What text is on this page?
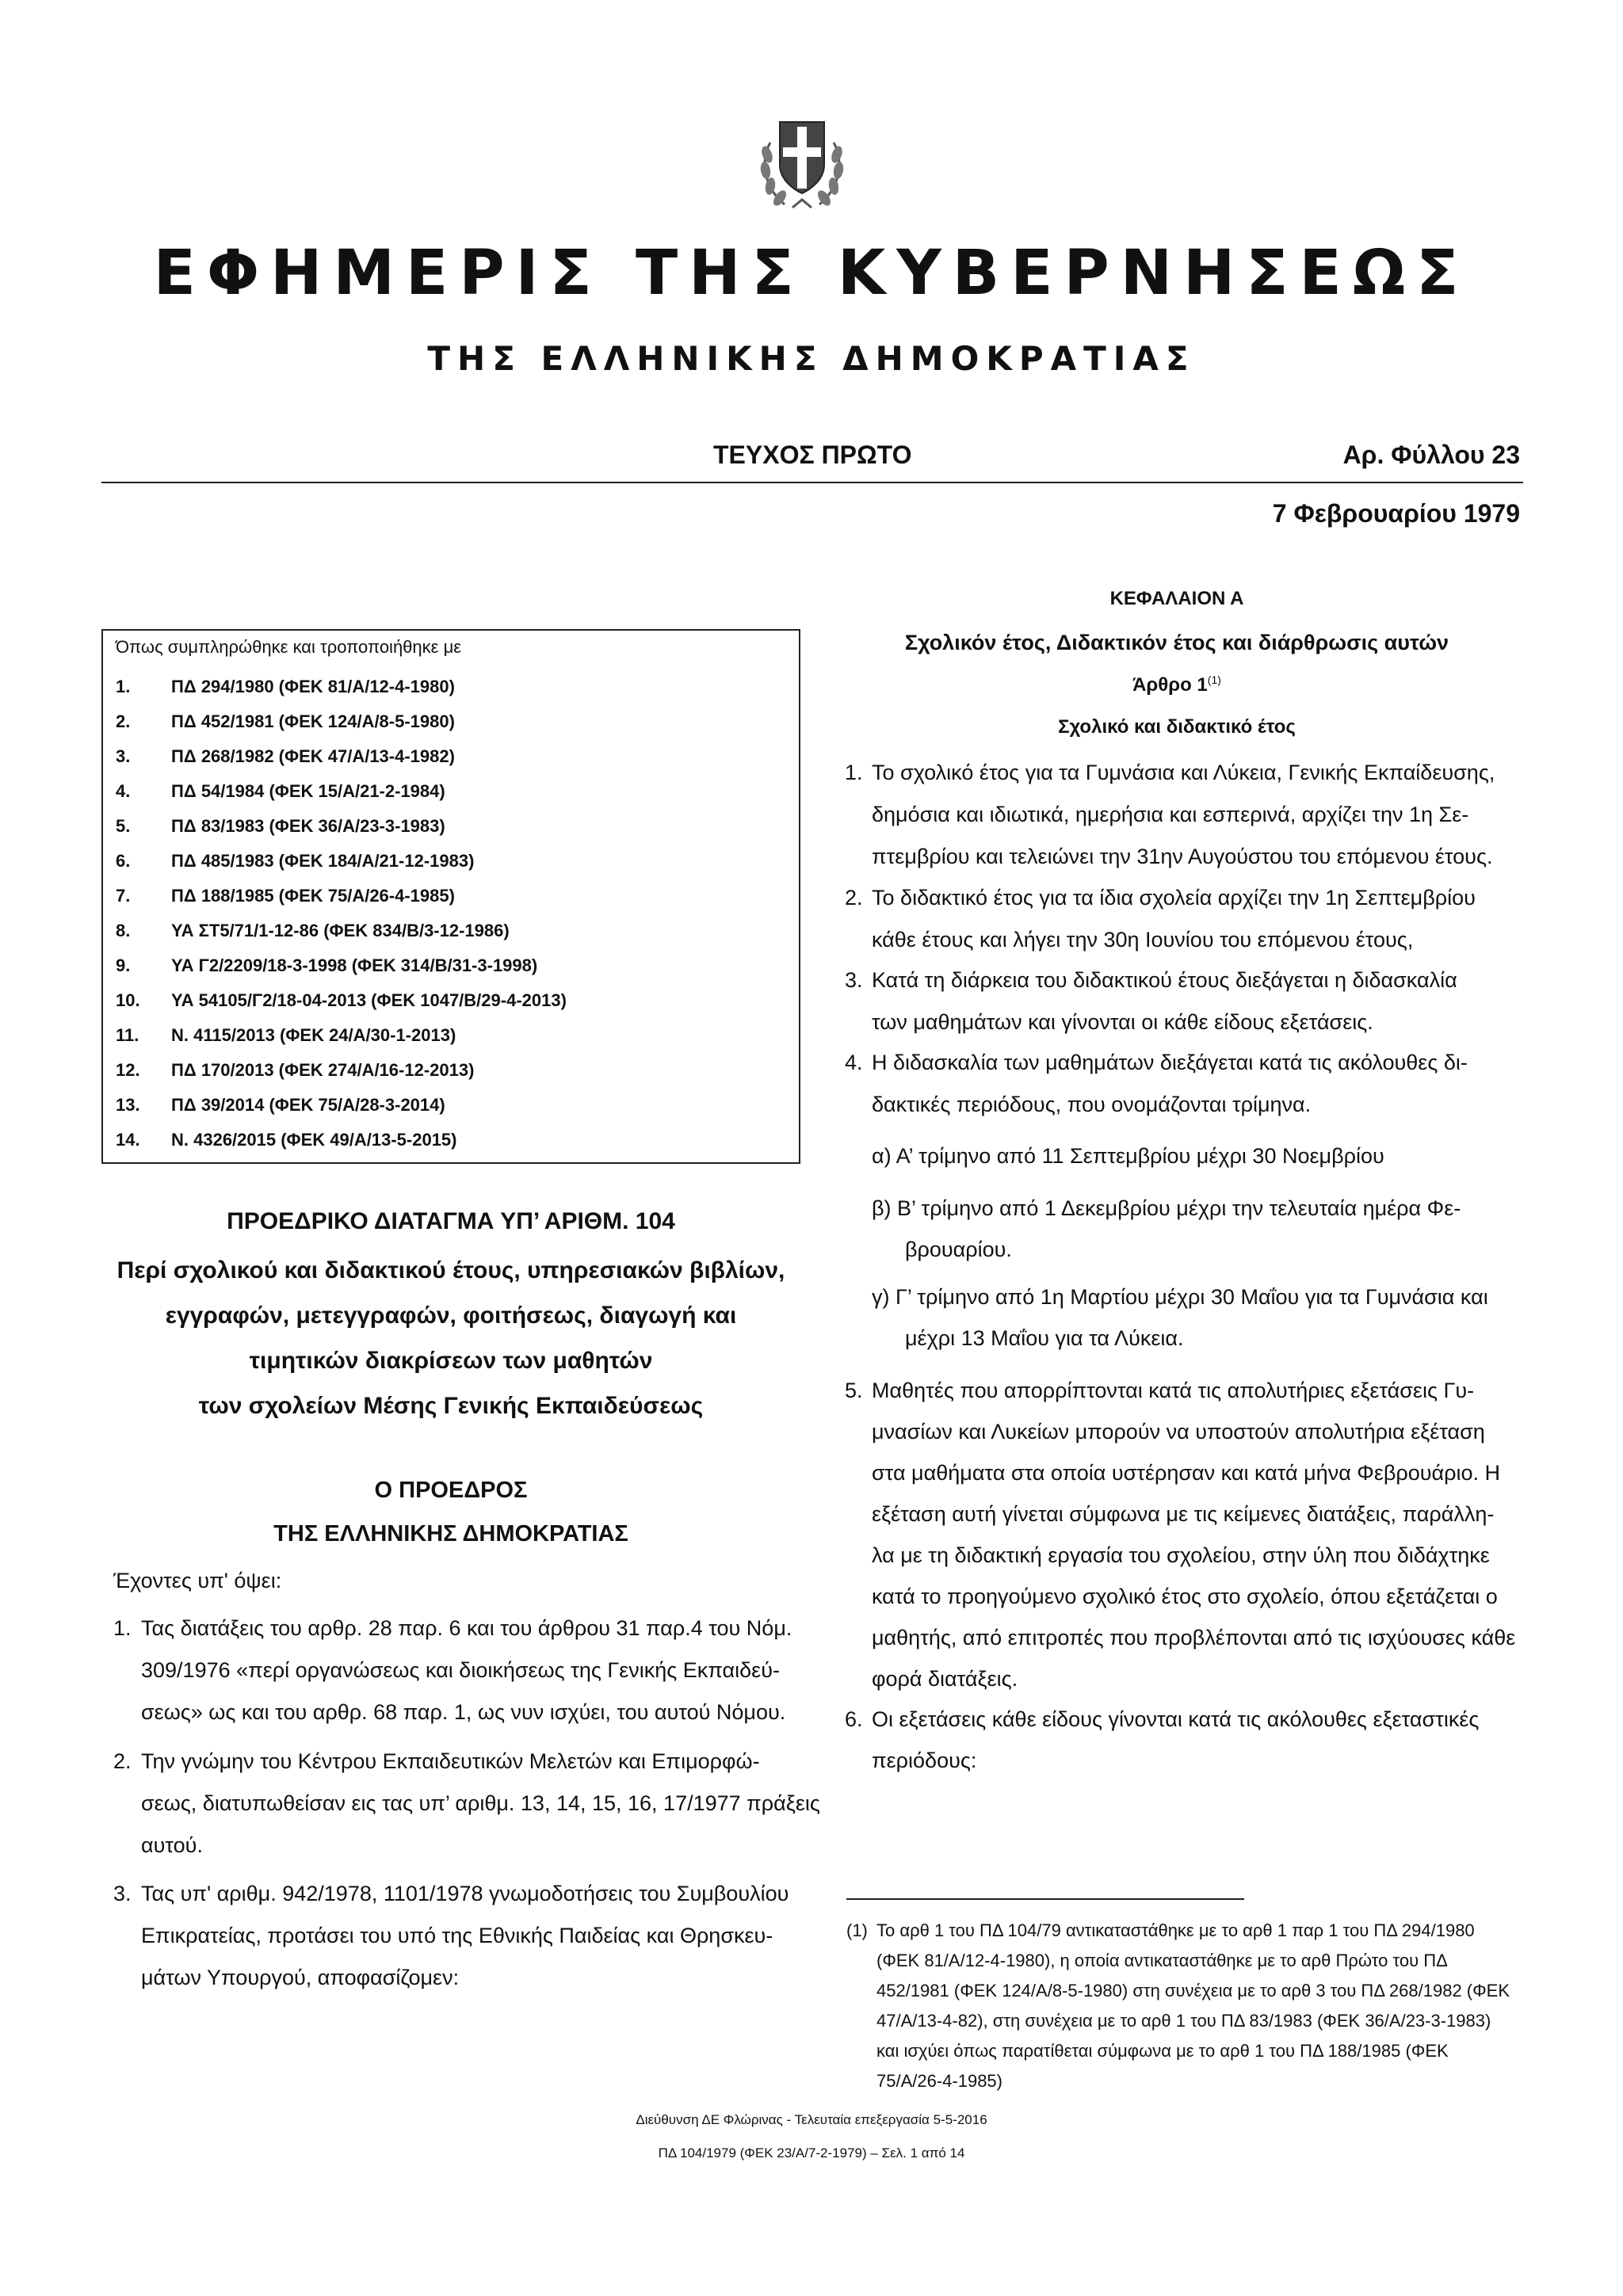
ΕΦΗΜΕΡΙΣ ΤΗΣ ΚΥΒΕΡΝΗΣΕΩΣ
ΤΗΣ ΕΛΛΗΝΙΚΗΣ ΔΗΜΟΚΡΑΤΙΑΣ
ΤΕΥΧΟΣ ΠΡΩΤΟ	Αρ. Φύλλου 23
7 Φεβρουαρίου 1979
Όπως συμπληρώθηκε και τροποποιήθηκε με
1. ΠΔ 294/1980 (ΦΕΚ 81/Α/12-4-1980)
2. ΠΔ 452/1981 (ΦΕΚ 124/Α/8-5-1980)
3. ΠΔ 268/1982 (ΦΕΚ 47/Α/13-4-1982)
4. ΠΔ 54/1984 (ΦΕΚ 15/Α/21-2-1984)
5. ΠΔ 83/1983 (ΦΕΚ 36/Α/23-3-1983)
6. ΠΔ 485/1983 (ΦΕΚ 184/Α/21-12-1983)
7. ΠΔ 188/1985 (ΦΕΚ 75/Α/26-4-1985)
8. ΥΑ ΣΤ5/71/1-12-86 (ΦΕΚ 834/Β/3-12-1986)
9. ΥΑ Γ2/2209/18-3-1998 (ΦΕΚ 314/Β/31-3-1998)
10. ΥΑ 54105/Γ2/18-04-2013 (ΦΕΚ 1047/Β/29-4-2013)
11. Ν. 4115/2013 (ΦΕΚ 24/Α/30-1-2013)
12. ΠΔ 170/2013 (ΦΕΚ 274/Α/16-12-2013)
13. ΠΔ 39/2014 (ΦΕΚ 75/Α/28-3-2014)
14. Ν. 4326/2015 (ΦΕΚ 49/Α/13-5-2015)
ΠΡΟΕΔΡΙΚΟ ΔΙΑΤΑΓΜΑ ΥΠ’ ΑΡΙΘΜ. 104
Περί σχολικού και διδακτικού έτους, υπηρεσιακών βιβλίων,
εγγραφών, μετεγγραφών, φοιτήσεως, διαγωγή και
τιμητικών διακρίσεων των μαθητών
των σχολείων Μέσης Γενικής Εκπαιδεύσεως
Ο ΠΡΟΕΔΡΟΣ
ΤΗΣ ΕΛΛΗΝΙΚΗΣ ΔΗΜΟΚΡΑΤΙΑΣ
Έχοντες υπ' όψει:
1. Τας διατάξεις του αρθρ. 28 παρ. 6 και του άρθρου 31 παρ.4 του Νόμ.
309/1976 «περί οργανώσεως και διοικήσεως της Γενικής Εκπαιδεύ-
σεως» ως και του αρθρ. 68 παρ. 1, ως νυν ισχύει, του αυτού Νόμου.
2. Την γνώμην του Κέντρου Εκπαιδευτικών Μελετών και Επιμορφώ-
σεως, διατυπωθείσαν εις τας υπ’ αριθμ. 13, 14, 15, 16, 17/1977 πράξεις
αυτού.
3. Τας υπ' αριθμ. 942/1978, 1101/1978 γνωμοδοτήσεις του Συμβουλίου
Επικρατείας, προτάσει του υπό της Εθνικής Παιδείας και Θρησκευ-
μάτων Υπουργού, αποφασίζομεν:
ΚΕΦΑΛΑΙΟΝ Α
Σχολικόν έτος, Διδακτικόν έτος και διάρθρωσις αυτών
Άρθρο 1$^{(1)}$
Σχολικό και διδακτικό έτος
1. Το σχολικό έτος για τα Γυμνάσια και Λύκεια, Γενικής Εκπαίδευσης,
δημόσια και ιδιωτικά, ημερήσια και εσπερινά, αρχίζει την 1η Σε-
πτεμβρίου και τελειώνει την 31ην Αυγούστου του επόμενου έτους.
2. Το διδακτικό έτος για τα ίδια σχολεία αρχίζει την 1η Σεπτεμβρίου
κάθε έτους και λήγει την 30η Ιουνίου του επόμενου έτους,
3. Κατά τη διάρκεια του διδακτικού έτους διεξάγεται η διδασκαλία
των μαθημάτων και γίνονται οι κάθε είδους εξετάσεις.
4. Η διδασκαλία των μαθημάτων διεξάγεται κατά τις ακόλουθες δι-
δακτικές περιόδους, που ονομάζονται τρίμηνα.
α) Α’ τρίμηνο από 11 Σεπτεμβρίου μέχρι 30 Νοεμβρίου
β) Β’ τρίμηνο από 1 Δεκεμβρίου μέχρι την τελευταία ημέρα Φε-
βρουαρίου.
γ) Γ’ τρίμηνο από 1η Μαρτίου μέχρι 30 Μαΐου για τα Γυμνάσια και
μέχρι 13 Μαΐου για τα Λύκεια.
5. Μαθητές που απορρίπτονται κατά τις απολυτήριες εξετάσεις Γυ-
μνασίων και Λυκείων μπορούν να υποστούν απολυτήρια εξέταση
στα μαθήματα στα οποία υστέρησαν και κατά μήνα Φεβρουάριο. Η
εξέταση αυτή γίνεται σύμφωνα με τις κείμενες διατάξεις, παράλλη-
λα με τη διδακτική εργασία του σχολείου, στην ύλη που διδάχτηκε
κατά το προηγούμενο σχολικό έτος στο σχολείο, όπου εξετάζεται ο
μαθητής, από επιτροπές που προβλέπονται από τις ισχύουσες κάθε
φορά διατάξεις.
6. Οι εξετάσεις κάθε είδους γίνονται κατά τις ακόλουθες εξεταστικές
περιόδους:
(1) Το αρθ 1 του ΠΔ 104/79 αντικαταστάθηκε με το αρθ 1 παρ 1 του ΠΔ 294/1980
(ΦΕΚ 81/Α/12-4-1980), η οποία αντικαταστάθηκε με το αρθ Πρώτο του ΠΔ
452/1981 (ΦΕΚ 124/Α/8-5-1980) στη συνέχεια με το αρθ 3 του ΠΔ 268/1982 (ΦΕΚ
47/Α/13-4-82), στη συνέχεια με το αρθ 1 του ΠΔ 83/1983 (ΦΕΚ 36/Α/23-3-1983)
και ισχύει όπως παρατίθεται σύμφωνα με το αρθ 1 του ΠΔ 188/1985 (ΦΕΚ
75/Α/26-4-1985)
Διεύθυνση ΔΕ Φλώρινας - Τελευταία επεξεργασία 5-5-2016
ΠΔ 104/1979 (ΦΕΚ 23/Α/7-2-1979) – Σελ. 1 από 14
